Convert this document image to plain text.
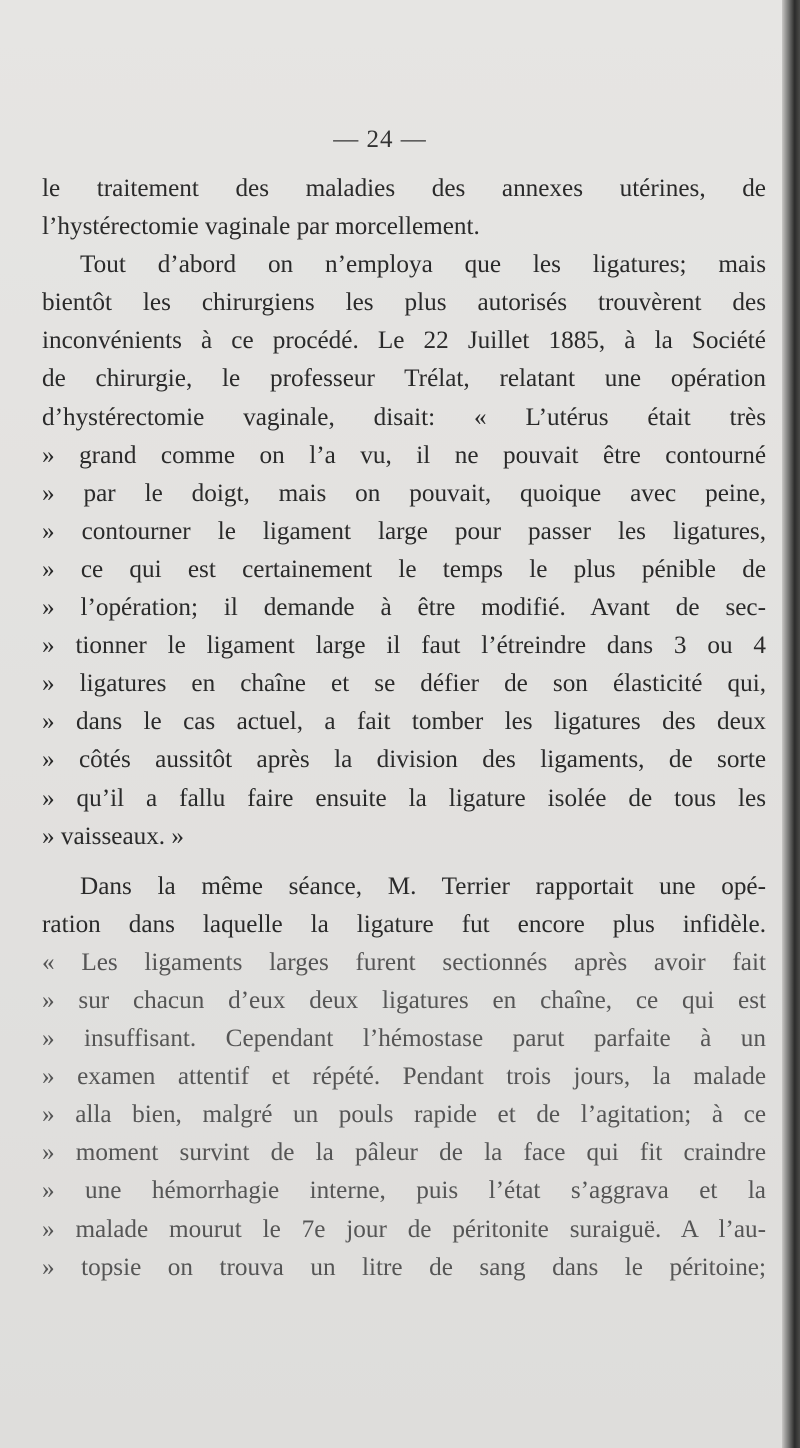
— 24 —
le traitement des maladies des annexes utérines, de
l’hystérectomie vaginale par morcellement.
Tout d’abord on n’employa que les ligatures; mais
bientôt les chirurgiens les plus autorisés trouvèrent des
inconvénients à ce procédé. Le 22 Juillet 1885, à la Société
de chirurgie, le professeur Trélat, relatant une opération
d’hystérectomie vaginale, disait: « L’utérus était très
» grand comme on l’a vu, il ne pouvait être contourné
» par le doigt, mais on pouvait, quoique avec peine,
» contourner le ligament large pour passer les ligatures,
» ce qui est certainement le temps le plus pénible de
» l’opération; il demande à être modifié. Avant de sec-
» tionner le ligament large il faut l’étreindre dans 3 ou 4
» ligatures en chaîne et se défier de son élasticité qui,
» dans le cas actuel, a fait tomber les ligatures des deux
» côtés aussitôt après la division des ligaments, de sorte
» qu’il a fallu faire ensuite la ligature isolée de tous les
» vaisseaux. »
Dans la même séance, M. Terrier rapportait une opé-
ration dans laquelle la ligature fut encore plus infidèle.
« Les ligaments larges furent sectionnés après avoir fait
» sur chacun d’eux deux ligatures en chaîne, ce qui est
» insuffisant. Cependant l’hémostase parut parfaite à un
» examen attentif et répété. Pendant trois jours, la malade
» alla bien, malgré un pouls rapide et de l’agitation; à ce
» moment survint de la pâleur de la face qui fit craindre
» une hémorrhagie interne, puis l’état s’aggrava et la
» malade mourut le 7e jour de péritonite suraiguë. A l’au-
» topsie on trouva un litre de sang dans le péritoine;
